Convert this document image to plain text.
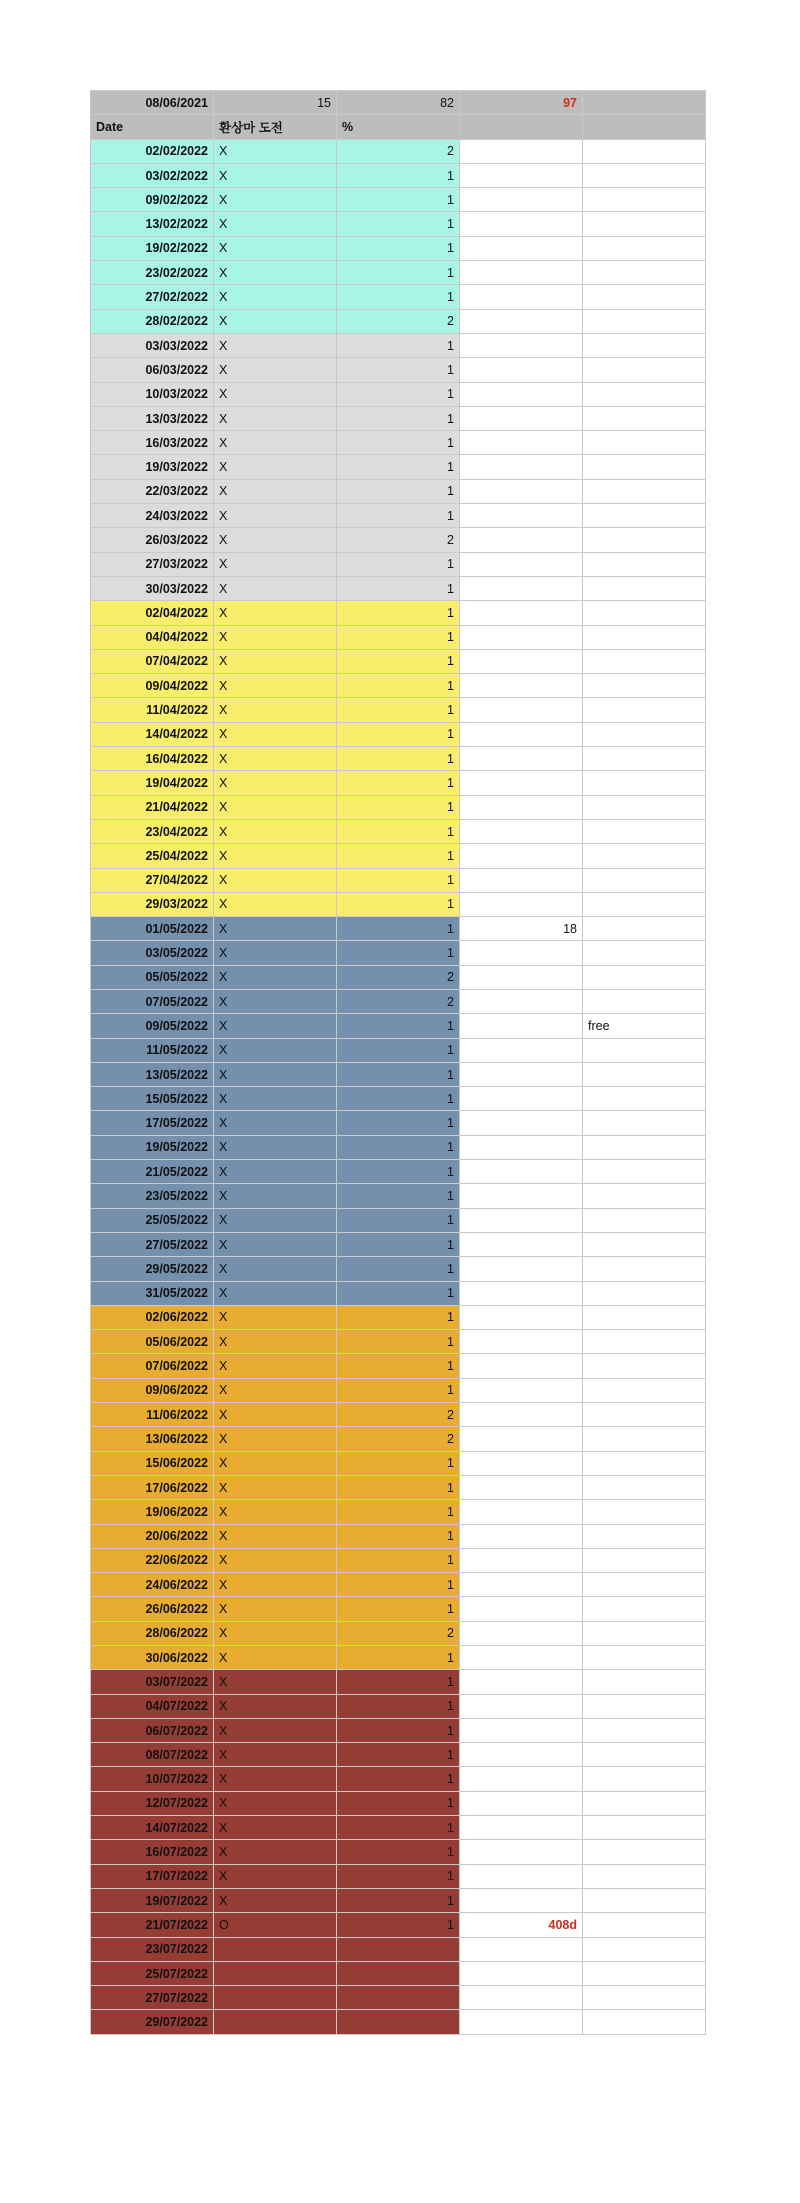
08/06/2021	15	82	97	
Date	환상마 도전	%		
02/02/2022	X	2		
03/02/2022	X	1		
09/02/2022	X	1		
13/02/2022	X	1		
19/02/2022	X	1		
23/02/2022	X	1		
27/02/2022	X	1		
28/02/2022	X	2		
03/03/2022	X	1		
06/03/2022	X	1		
10/03/2022	X	1		
13/03/2022	X	1		
16/03/2022	X	1		
19/03/2022	X	1		
22/03/2022	X	1		
24/03/2022	X	1		
26/03/2022	X	2		
27/03/2022	X	1		
30/03/2022	X	1		
02/04/2022	X	1		
04/04/2022	X	1		
07/04/2022	X	1		
09/04/2022	X	1		
11/04/2022	X	1		
14/04/2022	X	1		
16/04/2022	X	1		
19/04/2022	X	1		
21/04/2022	X	1		
23/04/2022	X	1		
25/04/2022	X	1		
27/04/2022	X	1		
29/03/2022	X	1		
01/05/2022	X	1	18	
03/05/2022	X	1		
05/05/2022	X	2		
07/05/2022	X	2		
09/05/2022	X	1		free
11/05/2022	X	1		
13/05/2022	X	1		
15/05/2022	X	1		
17/05/2022	X	1		
19/05/2022	X	1		
21/05/2022	X	1		
23/05/2022	X	1		
25/05/2022	X	1		
27/05/2022	X	1		
29/05/2022	X	1		
31/05/2022	X	1		
02/06/2022	X	1		
05/06/2022	X	1		
07/06/2022	X	1		
09/06/2022	X	1		
11/06/2022	X	2		
13/06/2022	X	2		
15/06/2022	X	1		
17/06/2022	X	1		
19/06/2022	X	1		
20/06/2022	X	1		
22/06/2022	X	1		
24/06/2022	X	1		
26/06/2022	X	1		
28/06/2022	X	2		
30/06/2022	X	1		
03/07/2022	X	1		
04/07/2022	X	1		
06/07/2022	X	1		
08/07/2022	X	1		
10/07/2022	X	1		
12/07/2022	X	1		
14/07/2022	X	1		
16/07/2022	X	1		
17/07/2022	X	1		
19/07/2022	X	1		
21/07/2022	O	1	408d	
23/07/2022				
25/07/2022				
27/07/2022				
29/07/2022				
